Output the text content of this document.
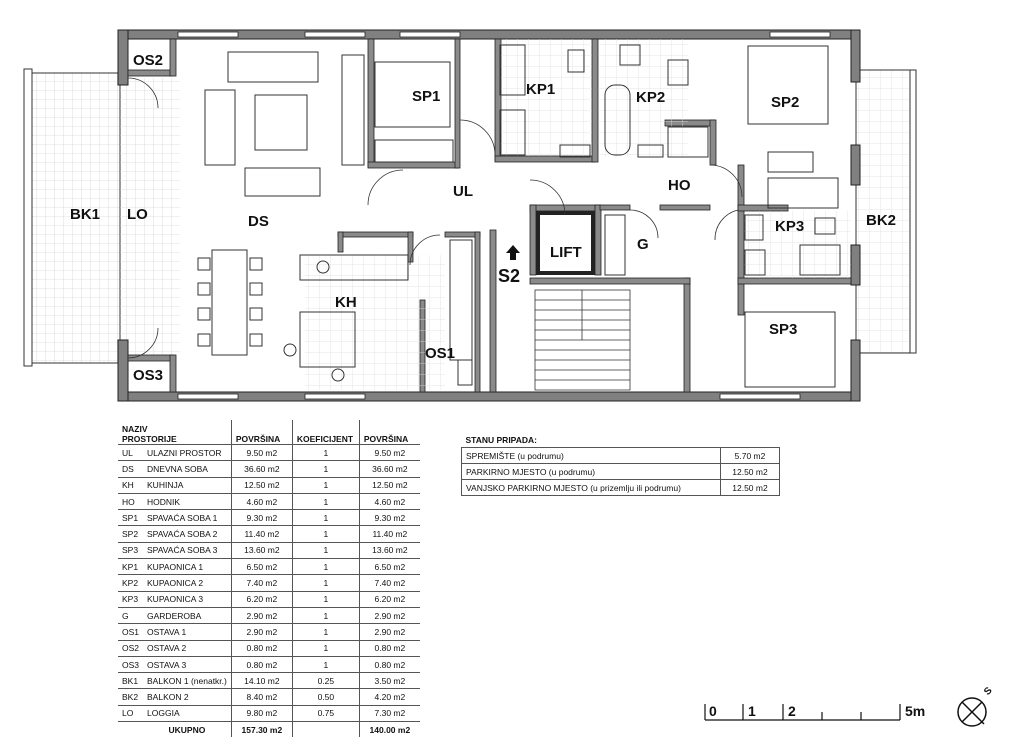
OS2
SP1	KP1	KP2	SP2
BK1 LO	DS
UL	HO
BK2
KP3
LIFT	G
S2
KH
SP3
OS1
OS3
NAZIV
PROSTORIJE		POVRŠINA	KOEFICIJENT	POVRŠINA
UL	ULAZNI PROSTOR	9.50 m2	1	9.50 m2
DS	DNEVNA SOBA	36.60 m2	1	36.60 m2
KH	KUHINJA	12.50 m2	1	12.50 m2
HO	HODNIK	4.60 m2	1	4.60 m2
SP1	SPAVAĆA SOBA 1	9.30 m2	1	9.30 m2
SP2	SPAVAĆA SOBA 2	11.40 m2	1	11.40 m2
SP3	SPAVAĆA SOBA 3	13.60 m2	1	13.60 m2
KP1	KUPAONICA 1	6.50 m2	1	6.50 m2
KP2	KUPAONICA 2	7.40 m2	1	7.40 m2
KP3	KUPAONICA 3	6.20 m2	1	6.20 m2
G	GARDEROBA	2.90 m2	1	2.90 m2
OS1	OSTAVA 1	2.90 m2	1	2.90 m2
OS2	OSTAVA 2	0.80 m2	1	0.80 m2
OS3	OSTAVA 3	0.80 m2	1	0.80 m2
BK1	BALKON 1 (nenatkr.)	14.10 m2	0.25	3.50 m2
BK2	BALKON 2	8.40 m2	0.50	4.20 m2
LO	LOGGIA	9.80 m2	0.75	7.30 m2
	UKUPNO	157.30 m2		140.00 m2
STANU PRIPADA:	
SPREMIŠTE (u podrumu)	5.70 m2
PARKIRNO MJESTO (u podrumu)	12.50 m2
VANJSKO PARKIRNO MJESTO (u prizemlju ili podrumu)	12.50 m2
0 1 2	5m
S
